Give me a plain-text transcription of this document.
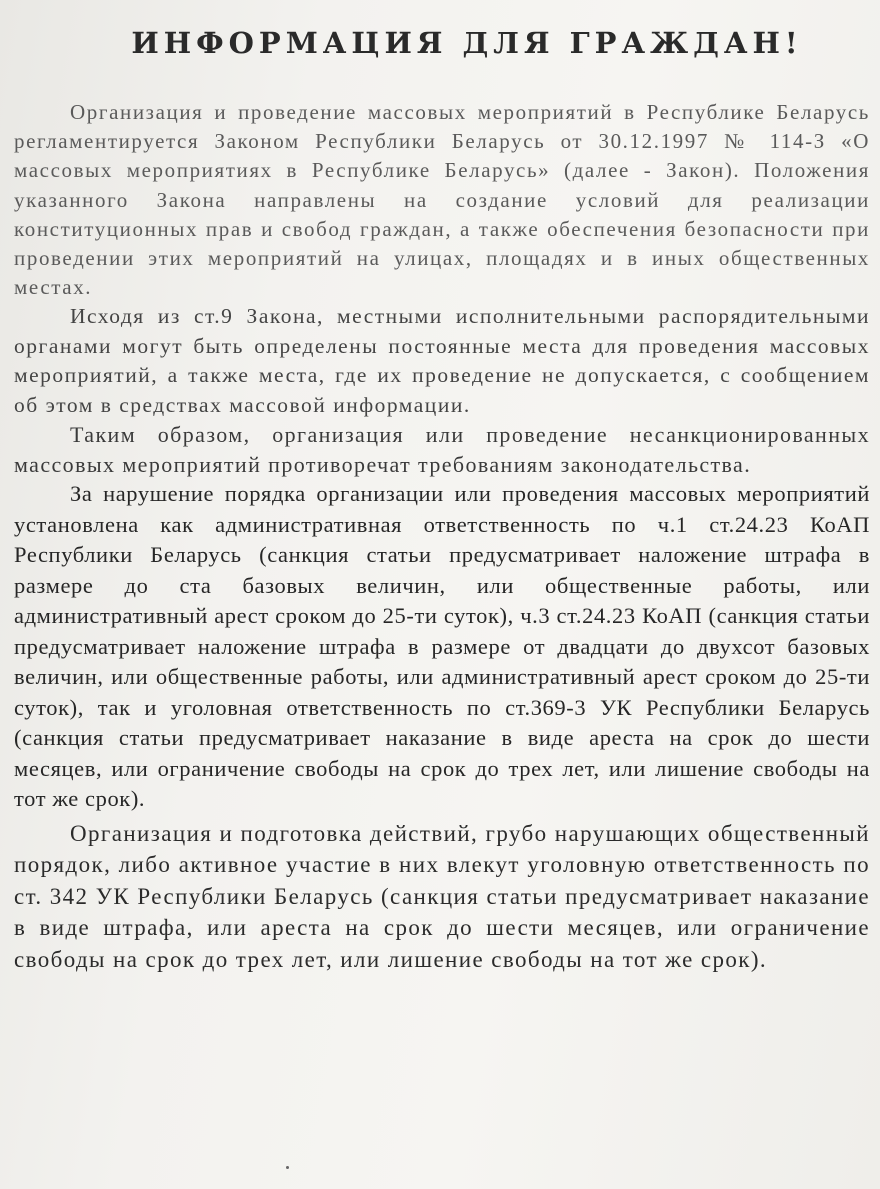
ИНФОРМАЦИЯ ДЛЯ ГРАЖДАН!

Организация и проведение массовых мероприятий в Республике Беларусь регламентируется Законом Республики Беларусь от 30.12.1997 № 114-З «О массовых мероприятиях в Республике Беларусь» (далее - Закон). Положения указанного Закона направлены на создание условий для реализации конституционных прав и свобод граждан, а также обеспечения безопасности при проведении этих мероприятий на улицах, площадях и в иных общественных местах.

Исходя из ст.9 Закона, местными исполнительными распорядительными органами могут быть определены постоянные места для проведения массовых мероприятий, а также места, где их проведение не допускается, с сообщением об этом в средствах массовой информации.

Таким образом, организация или проведение несанкционированных массовых мероприятий противоречат требованиям законодательства.

За нарушение порядка организации или проведения массовых мероприятий установлена как административная ответственность по ч.1 ст.24.23 КоАП Республики Беларусь (санкция статьи предусматривает наложение штрафа в размере до ста базовых величин, или общественные работы, или административный арест сроком до 25-ти суток), ч.3 ст.24.23 КоАП (санкция статьи предусматривает наложение штрафа в размере от двадцати до двухсот базовых величин, или общественные работы, или административный арест сроком до 25-ти суток), так и уголовная ответственность по ст.369-3 УК Республики Беларусь (санкция статьи предусматривает наказание в виде ареста на срок до шести месяцев, или ограничение свободы на срок до трех лет, или лишение свободы на тот же срок).

Организация и подготовка действий, грубо нарушающих общественный порядок, либо активное участие в них влекут уголовную ответственность по ст. 342 УК Республики Беларусь (санкция статьи предусматривает наказание в виде штрафа, или ареста на срок до шести месяцев, или ограничение свободы на срок до трех лет, или лишение свободы на тот же срок).
